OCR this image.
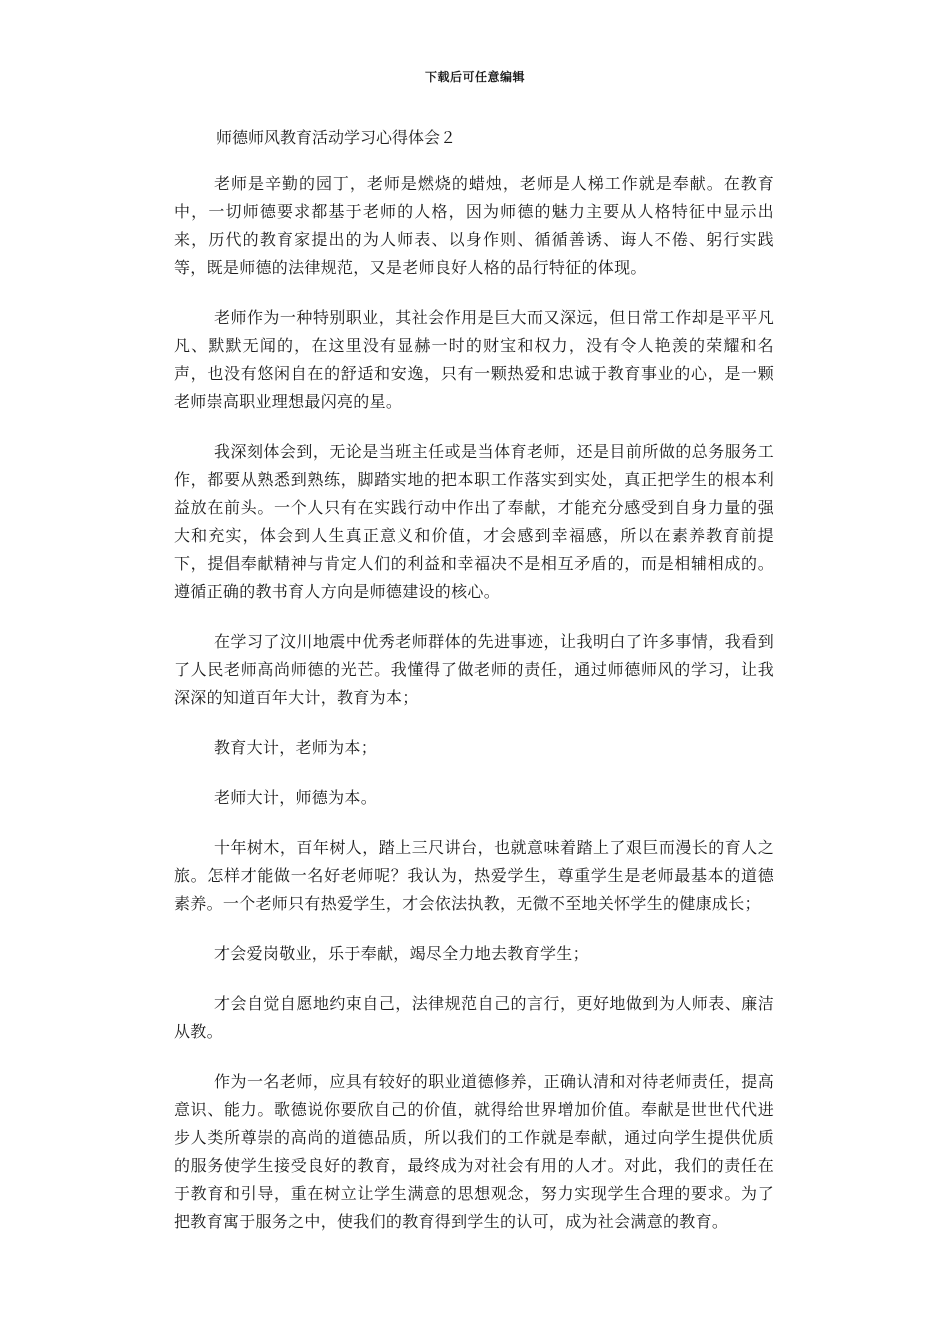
下载后可任意编辑
师德师风教育活动学习心得体会２

老师是辛勤的园丁，老师是燃烧的蜡烛，老师是人梯工作就是奉献。在教育中，一切师德要求都基于老师的人格，因为师德的魅力主要从人格特征中显示出来，历代的教育家提出的为人师表、以身作则、循循善诱、诲人不倦、躬行实践等，既是师德的法律规范，又是老师良好人格的品行特征的体现。

老师作为一种特别职业，其社会作用是巨大而又深远，但日常工作却是平平凡凡、默默无闻的，在这里没有显赫一时的财宝和权力，没有令人艳羡的荣耀和名声，也没有悠闲自在的舒适和安逸，只有一颗热爱和忠诚于教育事业的心，是一颗老师崇高职业理想最闪亮的星。

我深刻体会到，无论是当班主任或是当体育老师，还是目前所做的总务服务工作，都要从熟悉到熟练，脚踏实地的把本职工作落实到实处，真正把学生的根本利益放在前头。一个人只有在实践行动中作出了奉献，才能充分感受到自身力量的强大和充实，体会到人生真正意义和价值，才会感到幸福感，所以在素养教育前提下，提倡奉献精神与肯定人们的利益和幸福决不是相互矛盾的，而是相辅相成的。遵循正确的教书育人方向是师德建设的核心。

在学习了汶川地震中优秀老师群体的先进事迹，让我明白了许多事情，我看到了人民老师高尚师德的光芒。我懂得了做老师的责任，通过师德师风的学习，让我深深的知道百年大计，教育为本；

教育大计，老师为本；

老师大计，师德为本。

十年树木，百年树人，踏上三尺讲台，也就意味着踏上了艰巨而漫长的育人之旅。怎样才能做一名好老师呢？我认为，热爱学生，尊重学生是老师最基本的道德素养。一个老师只有热爱学生，才会依法执教，无微不至地关怀学生的健康成长；

才会爱岗敬业，乐于奉献，竭尽全力地去教育学生；

才会自觉自愿地约束自己，法律规范自己的言行，更好地做到为人师表、廉洁从教。

作为一名老师，应具有较好的职业道德修养，正确认清和对待老师责任，提高意识、能力。歌德说你要欣自己的价值，就得给世界增加价值。奉献是世世代代进步人类所尊崇的高尚的道德品质，所以我们的工作就是奉献，通过向学生提供优质的服务使学生接受良好的教育，最终成为对社会有用的人才。对此，我们的责任在于教育和引导，重在树立让学生满意的思想观念，努力实现学生合理的要求。为了把教育寓于服务之中，使我们的教育得到学生的认可，成为社会满意的教育。
